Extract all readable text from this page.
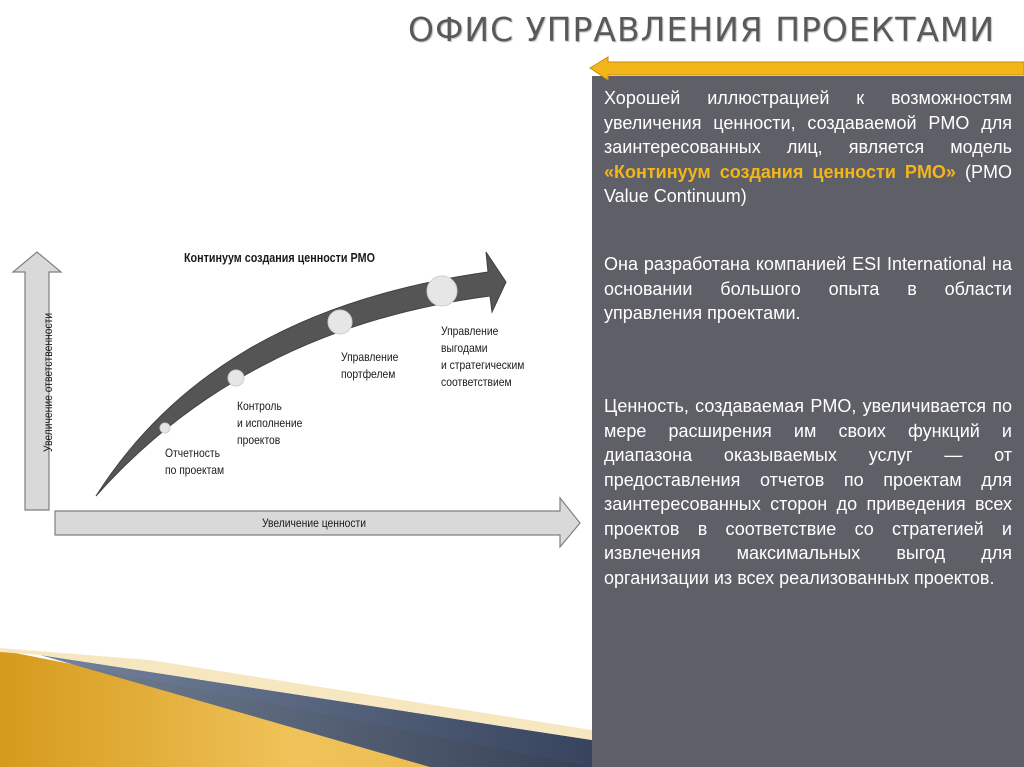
ОФИС УПРАВЛЕНИЯ ПРОЕКТАМИ
Хорошей иллюстрацией к возможностям увеличения ценности, создаваемой PMO для заинтересованных лиц, является модель «Континуум создания ценности PMO» (PMO Value Continuum)
Она разработана компанией ESI International на основании большого опыта в области управления проектами.
Ценность, создаваемая PMO, увеличивается по мере расширения им своих функций и диапазона оказываемых услуг — от предоставления отчетов по проектам для заинтересованных сторон до приведения всех проектов в соответствие со стратегией и извлечения максимальных выгод для организации из всех реализованных проектов.
Континуум создания ценности PMO
Отчетность
по проектам
Контроль
и исполнение
проектов
Управление
портфелем
Управление
выгодами
и стратегическим
соответствием
Увеличение ответственности
Увеличение ценности
